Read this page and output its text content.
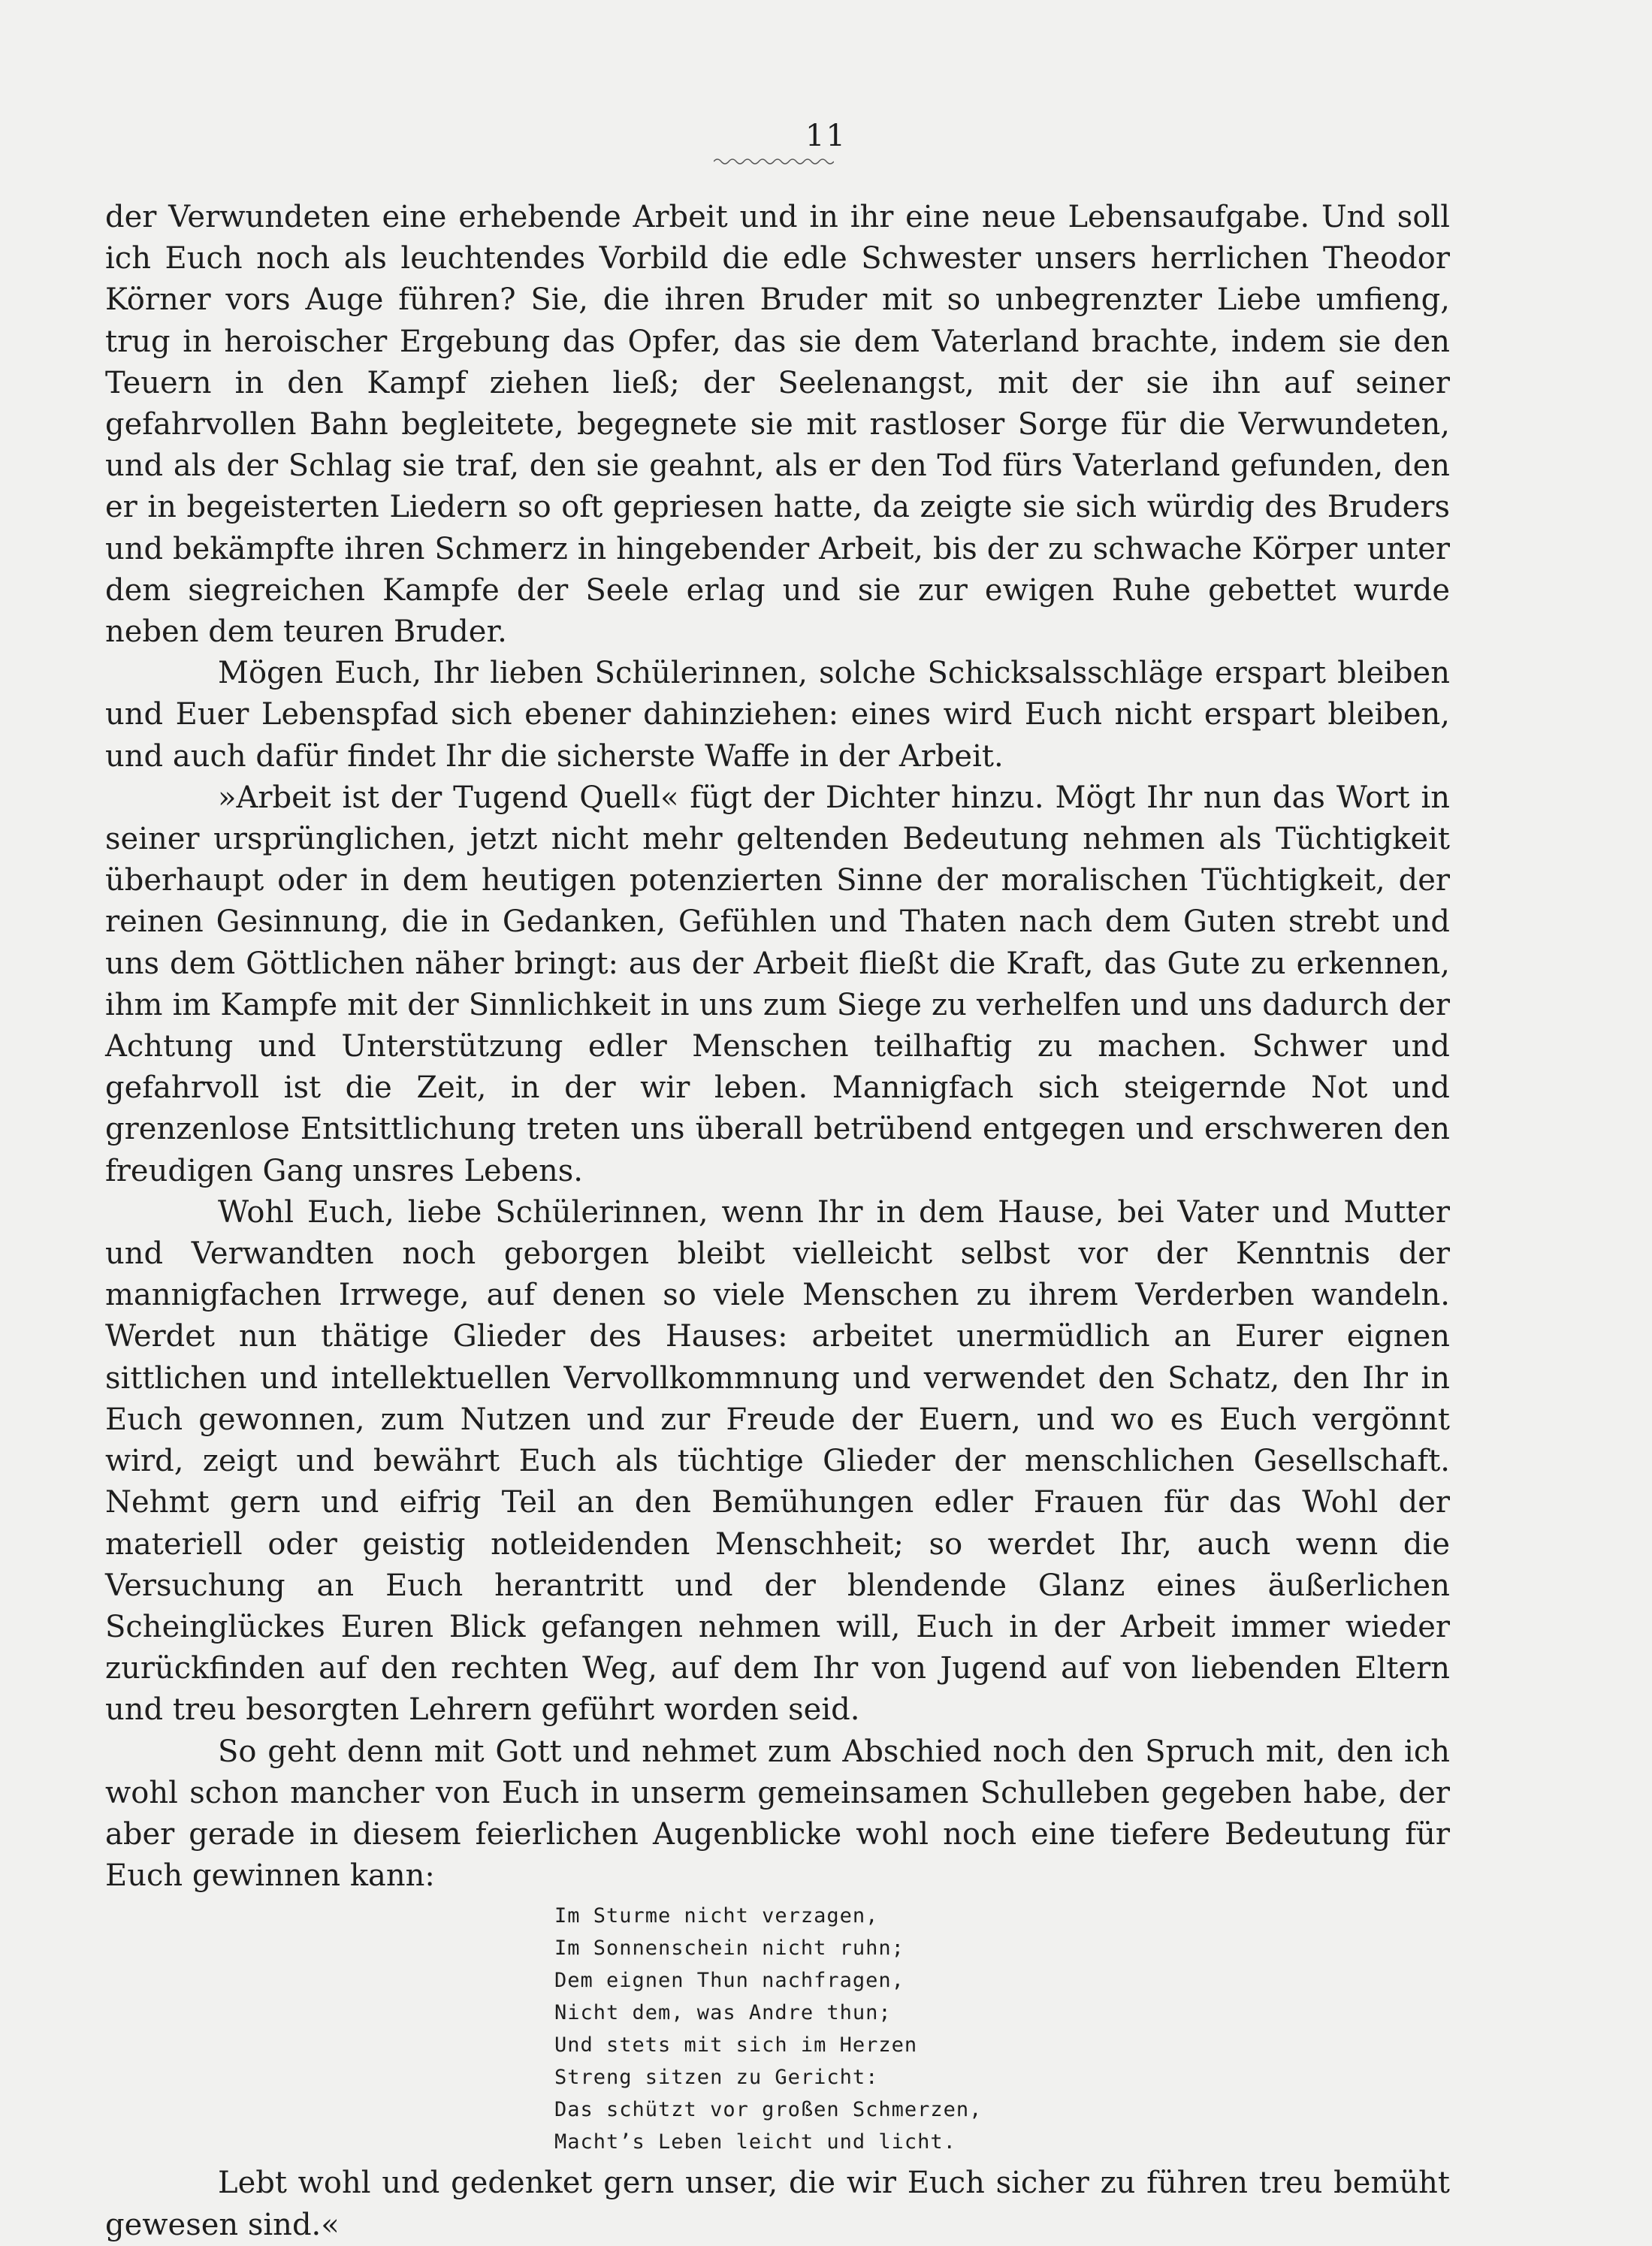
11

der Verwundeten eine erhebende Arbeit und in ihr eine neue Lebensaufgabe. Und soll ich Euch noch als leuchtendes Vorbild die edle Schwester unsers herrlichen Theodor Körner vors Auge führen? Sie, die ihren Bruder mit so unbegrenzter Liebe umfieng, trug in heroischer Ergebung das Opfer, das sie dem Vaterland brachte, indem sie den Teuern in den Kampf ziehen ließ; der Seelenangst, mit der sie ihn auf seiner gefahrvollen Bahn begleitete, begegnete sie mit rastloser Sorge für die Verwundeten, und als der Schlag sie traf, den sie geahnt, als er den Tod fürs Vaterland gefunden, den er in begeisterten Liedern so oft gepriesen hatte, da zeigte sie sich würdig des Bruders und bekämpfte ihren Schmerz in hingebender Arbeit, bis der zu schwache Körper unter dem siegreichen Kampfe der Seele erlag und sie zur ewigen Ruhe gebettet wurde neben dem teuren Bruder.

Mögen Euch, Ihr lieben Schülerinnen, solche Schicksalsschläge erspart bleiben und Euer Lebenspfad sich ebener dahinziehen: eines wird Euch nicht erspart bleiben, und auch dafür findet Ihr die sicherste Waffe in der Arbeit.

»Arbeit ist der Tugend Quell« fügt der Dichter hinzu. Mögt Ihr nun das Wort in seiner ursprünglichen, jetzt nicht mehr geltenden Bedeutung nehmen als Tüchtigkeit überhaupt oder in dem heutigen potenzierten Sinne der moralischen Tüchtigkeit, der reinen Gesinnung, die in Gedanken, Gefühlen und Thaten nach dem Guten strebt und uns dem Göttlichen näher bringt: aus der Arbeit fließt die Kraft, das Gute zu erkennen, ihm im Kampfe mit der Sinnlichkeit in uns zum Siege zu verhelfen und uns dadurch der Achtung und Unterstützung edler Menschen teilhaftig zu machen. Schwer und gefahrvoll ist die Zeit, in der wir leben. Mannigfach sich steigernde Not und grenzenlose Entsittlichung treten uns überall betrübend entgegen und erschweren den freudigen Gang unsres Lebens.

Wohl Euch, liebe Schülerinnen, wenn Ihr in dem Hause, bei Vater und Mutter und Verwandten noch geborgen bleibt vielleicht selbst vor der Kenntnis der mannigfachen Irrwege, auf denen so viele Menschen zu ihrem Verderben wandeln. Werdet nun thätige Glieder des Hauses: arbeitet unermüdlich an Eurer eignen sittlichen und intellektuellen Vervollkommnung und verwendet den Schatz, den Ihr in Euch gewonnen, zum Nutzen und zur Freude der Euern, und wo es Euch vergönnt wird, zeigt und bewährt Euch als tüchtige Glieder der menschlichen Gesellschaft. Nehmt gern und eifrig Teil an den Bemühungen edler Frauen für das Wohl der materiell oder geistig notleidenden Menschheit; so werdet Ihr, auch wenn die Versuchung an Euch herantritt und der blendende Glanz eines äußerlichen Scheinglückes Euren Blick gefangen nehmen will, Euch in der Arbeit immer wieder zurückfinden auf den rechten Weg, auf dem Ihr von Jugend auf von liebenden Eltern und treu besorgten Lehrern geführt worden seid.

So geht denn mit Gott und nehmet zum Abschied noch den Spruch mit, den ich wohl schon mancher von Euch in unserm gemeinsamen Schulleben gegeben habe, der aber gerade in diesem feierlichen Augenblicke wohl noch eine tiefere Bedeutung für Euch gewinnen kann:

Im Sturme nicht verzagen,
Im Sonnenschein nicht ruhn;
Dem eignen Thun nachfragen,
Nicht dem, was Andre thun;
Und stets mit sich im Herzen
Streng sitzen zu Gericht:
Das schützt vor großen Schmerzen,
Macht’s Leben leicht und licht.

Lebt wohl und gedenket gern unser, die wir Euch sicher zu führen treu bemüht gewesen sind.«
